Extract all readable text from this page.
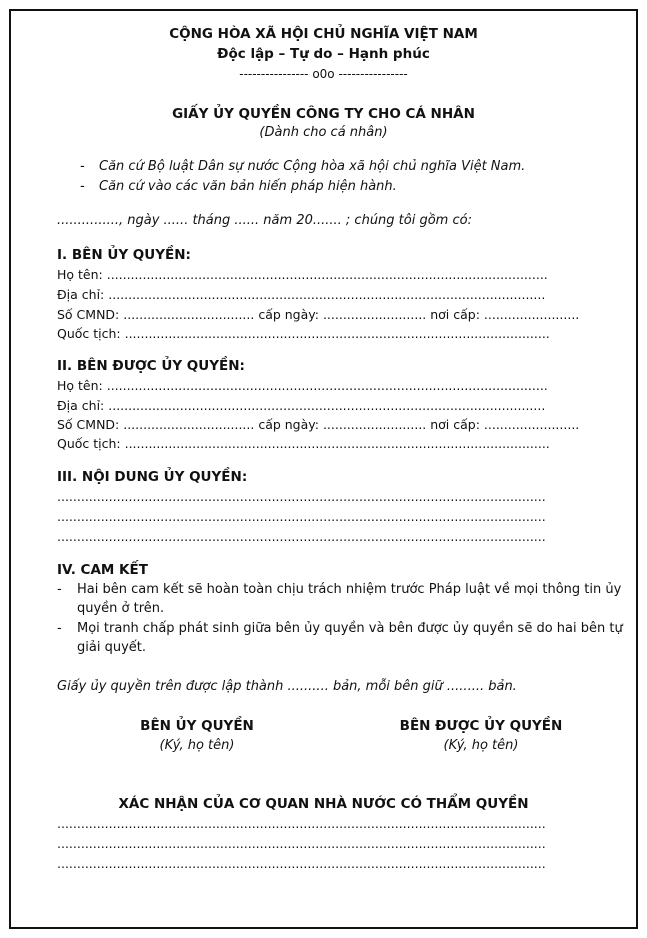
CỘNG HÒA XÃ HỘI CHỦ NGHĨA VIỆT NAM
Độc lập – Tự do – Hạnh phúc
---------------- o0o ----------------
GIẤY ỦY QUYỀN CÔNG TY CHO CÁ NHÂN
(Dành cho cá nhân)
- Căn cứ Bộ luật Dân sự nước Cộng hòa xã hội chủ nghĩa Việt Nam.
- Căn cứ vào các văn bản hiến pháp hiện hành.
..............., ngày ...... tháng ...... năm 20....... ; chúng tôi gồm có:
I. BÊN ỦY QUYỀN:
Họ tên: ...............................................................................................................
Địa chỉ: ..............................................................................................................
Số CMND: ................................. cấp ngày: .......................... nơi cấp: ........................
Quốc tịch: ...........................................................................................................
II. BÊN ĐƯỢC ỦY QUYỀN:
Họ tên: ...............................................................................................................
Địa chỉ: ..............................................................................................................
Số CMND: ................................. cấp ngày: .......................... nơi cấp: ........................
Quốc tịch: ...........................................................................................................
III. NỘI DUNG ỦY QUYỀN:
...........................................................................................................................
...........................................................................................................................
...........................................................................................................................
IV. CAM KẾT
- Hai bên cam kết sẽ hoàn toàn chịu trách nhiệm trước Pháp luật về mọi thông tin ủy
quyền ở trên.
- Mọi tranh chấp phát sinh giữa bên ủy quyền và bên được ủy quyền sẽ do hai bên tự
giải quyết.
Giấy ủy quyền trên được lập thành .......... bản, mỗi bên giữ ......... bản.
BÊN ỦY QUYỀN
(Ký, họ tên)
BÊN ĐƯỢC ỦY QUYỀN
(Ký, họ tên)
XÁC NHẬN CỦA CƠ QUAN NHÀ NƯỚC CÓ THẨM QUYỀN
...........................................................................................................................
...........................................................................................................................
...........................................................................................................................
